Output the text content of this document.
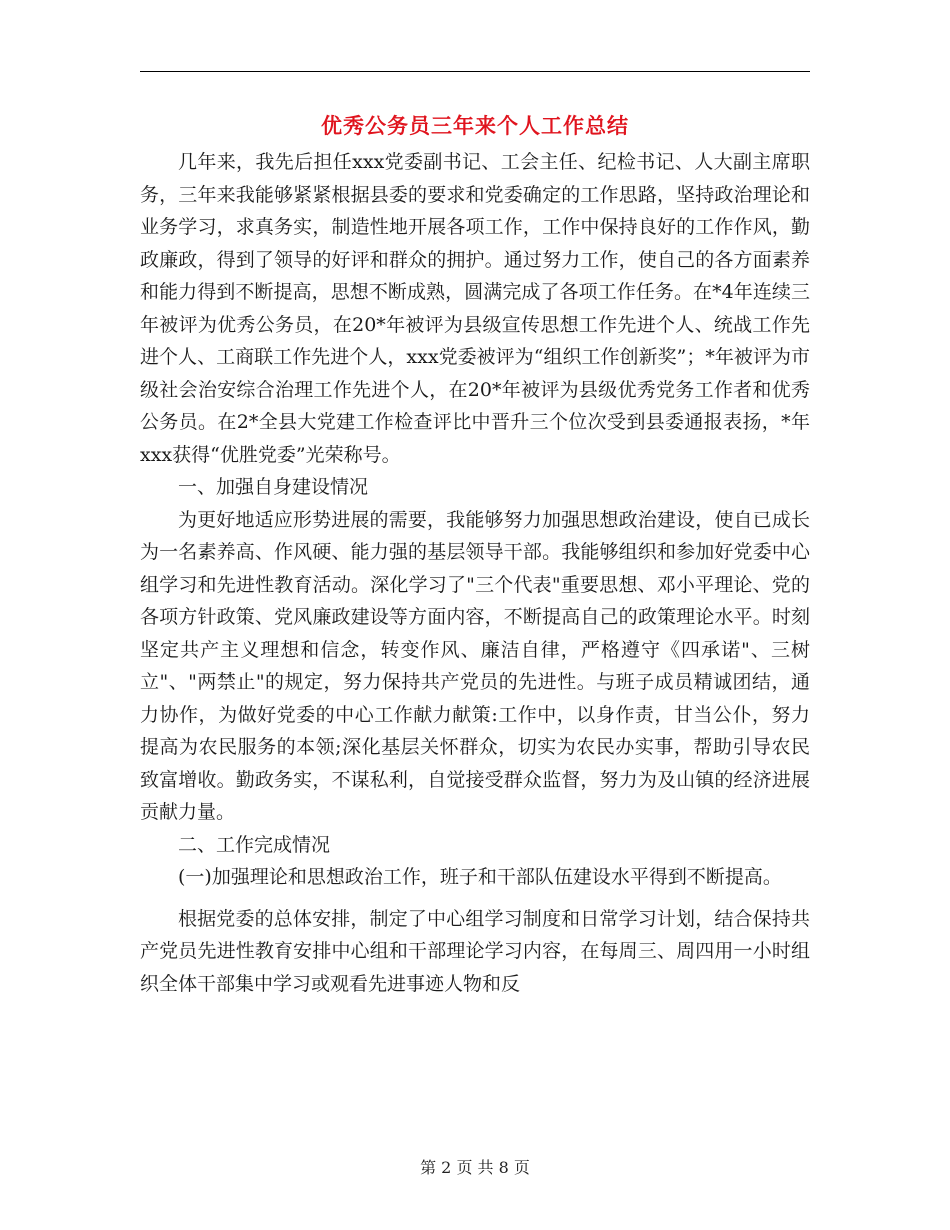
优秀公务员三年来个人工作总结

几年来，我先后担任xxx党委副书记、工会主任、纪检书记、人大副主席职务，三年来我能够紧紧根据县委的要求和党委确定的工作思路，坚持政治理论和业务学习，求真务实，制造性地开展各项工作，工作中保持良好的工作作风，勤政廉政，得到了领导的好评和群众的拥护。通过努力工作，使自己的各方面素养和能力得到不断提高，思想不断成熟，圆满完成了各项工作任务。在*4年连续三年被评为优秀公务员，在20*年被评为县级宣传思想工作先进个人、统战工作先进个人、工商联工作先进个人，xxx党委被评为“组织工作创新奖”；*年被评为市级社会治安综合治理工作先进个人，在20*年被评为县级优秀党务工作者和优秀公务员。在2*全县大党建工作检查评比中晋升三个位次受到县委通报表扬，*年xxx获得“优胜党委”光荣称号。

一、加强自身建设情况

为更好地适应形势进展的需要，我能够努力加强思想政治建设，使自已成长为一名素养高、作风硬、能力强的基层领导干部。我能够组织和参加好党委中心组学习和先进性教育活动。深化学习了"三个代表"重要思想、邓小平理论、党的各项方针政策、党风廉政建设等方面内容，不断提高自己的政策理论水平。时刻坚定共产主义理想和信念，转变作风、廉洁自律，严格遵守《四承诺"、三树立"、"两禁止"的规定，努力保持共产党员的先进性。与班子成员精诚团结，通力协作，为做好党委的中心工作献力献策:工作中，以身作责，甘当公仆，努力提高为农民服务的本领;深化基层关怀群众，切实为农民办实事，帮助引导农民致富增收。勤政务实，不谋私利，自觉接受群众监督，努力为及山镇的经济进展贡献力量。

二、工作完成情况

(一)加强理论和思想政治工作，班子和干部队伍建设水平得到不断提高。

根据党委的总体安排，制定了中心组学习制度和日常学习计划，结合保持共产党员先进性教育安排中心组和干部理论学习内容，在每周三、周四用一小时组织全体干部集中学习或观看先进事迹人物和反

第 2 页 共 8 页
